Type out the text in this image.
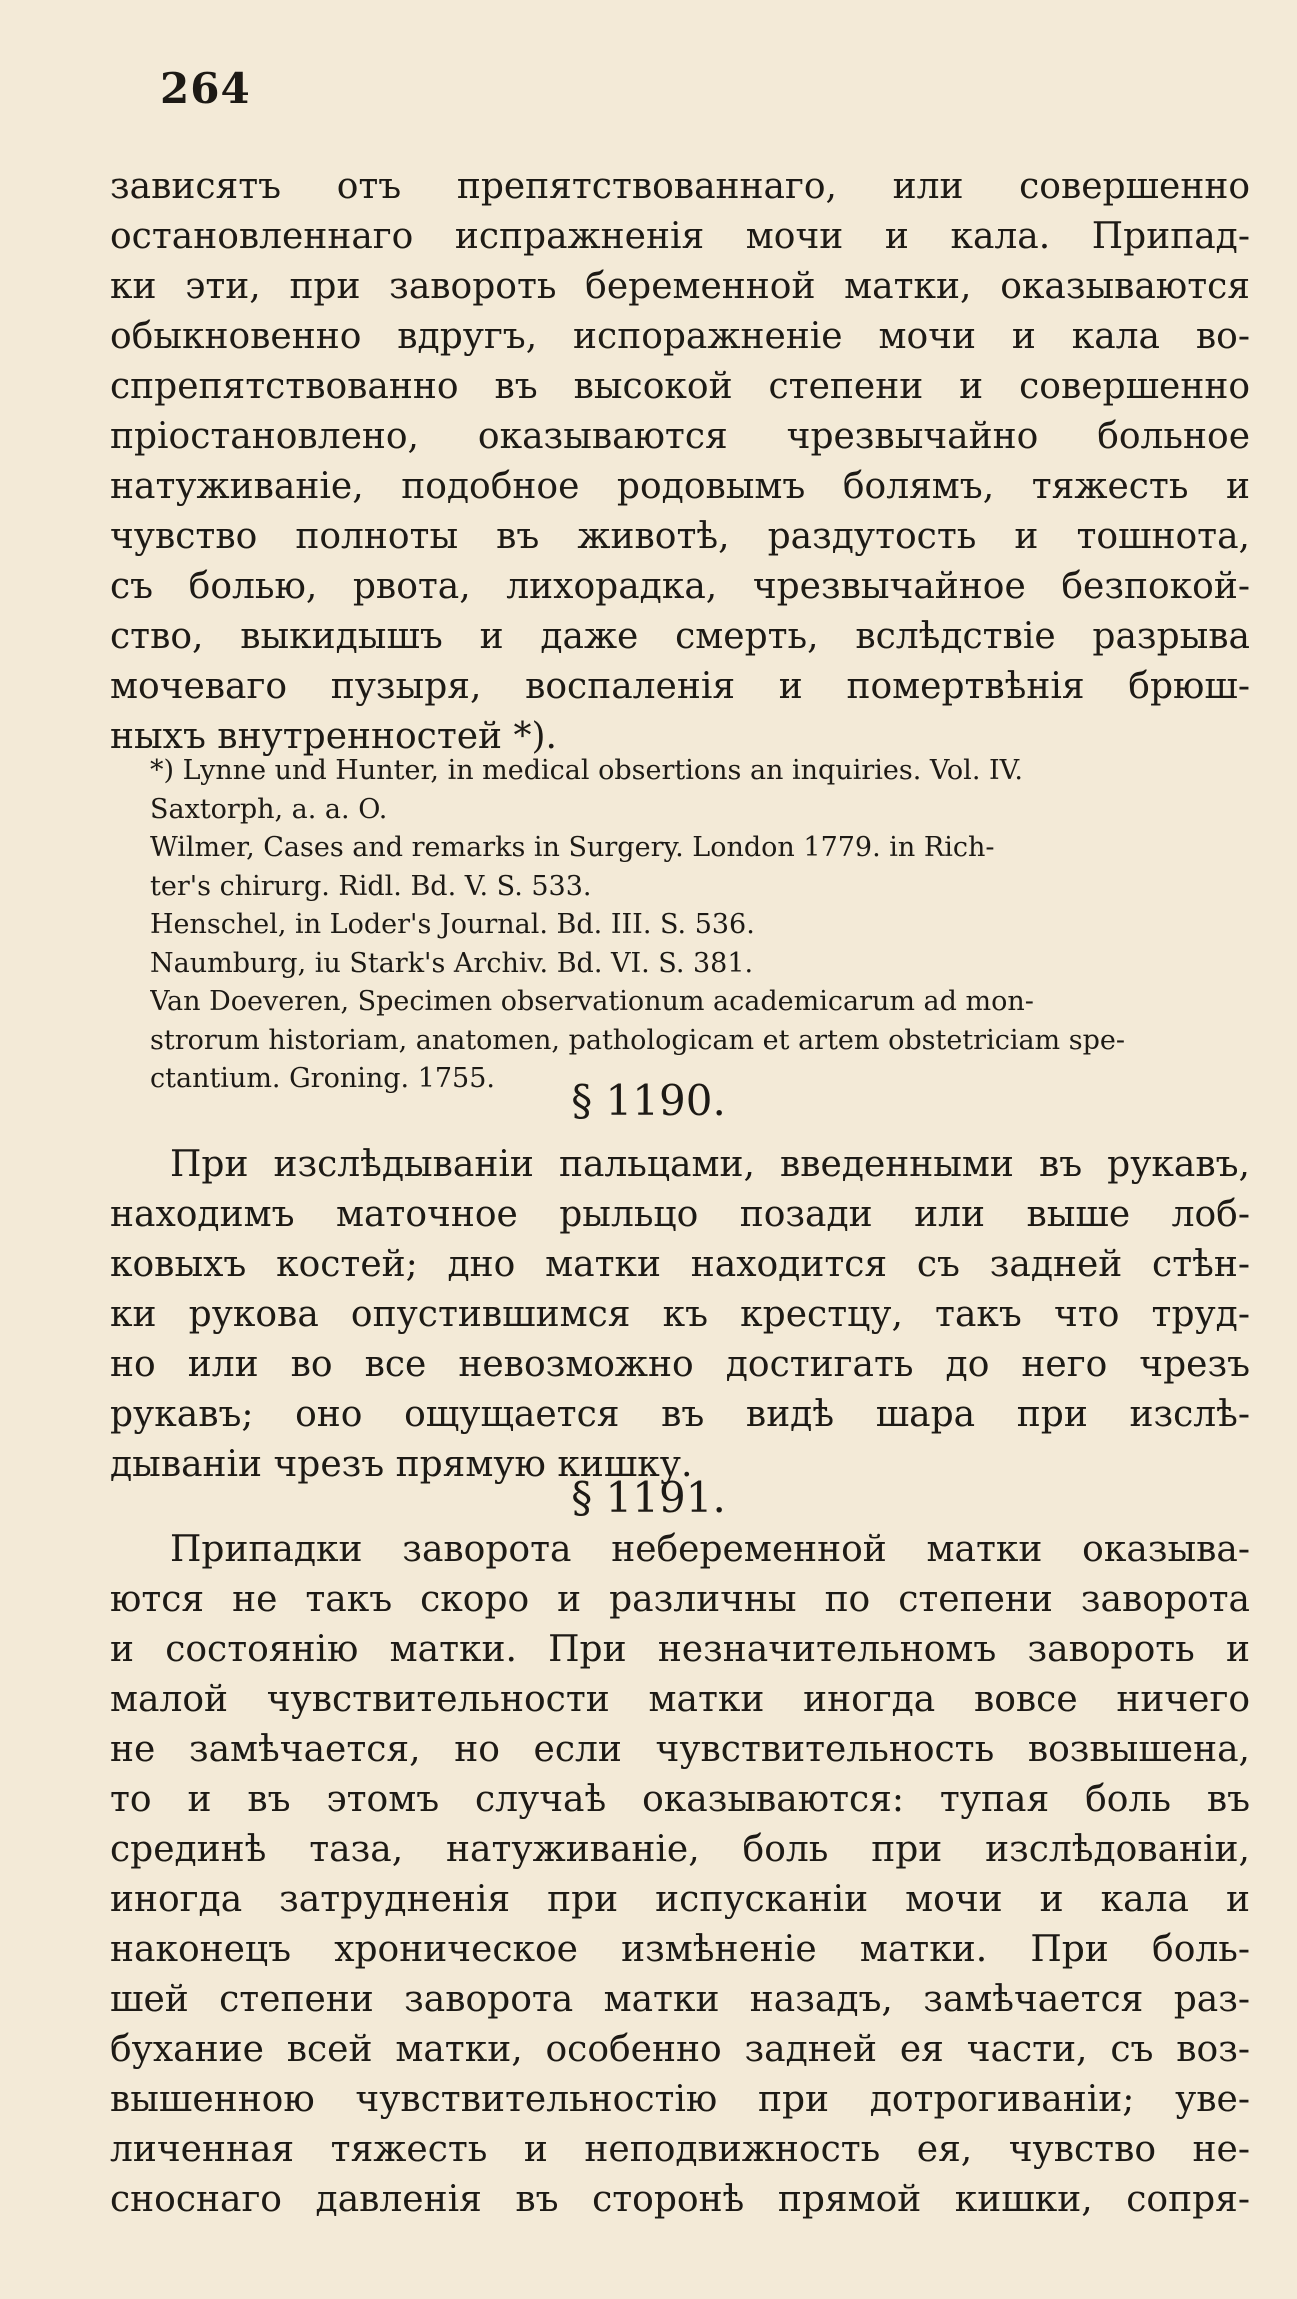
264
зависятъ отъ препятствованнаго, или совершенно
остановленнаго испражненія мочи и кала. Припад-
ки эти, при завороть беременной матки, оказываются
обыкновенно вдругъ, испоражненіе мочи и кала во-
спрепятствованно въ высокой степени и совершенно
пріостановлено, оказываются чрезвычайно больное
натуживаніе, подобное родовымъ болямъ, тяжесть и
чувство полноты въ животѣ, раздутость и тошнота,
съ болью, рвота, лихорадка, чрезвычайное безпокой-
ство, выкидышъ и даже смерть, вслѣдствіе разрыва
мочеваго пузыря, воспаленія и помертвѣнія брюш-
ныхъ внутренностей *).
*) Lynne und Hunter, in medical obsertions an inquiries. Vol. IV.
Saxtorph, a. a. O.
Wilmer, Cases and remarks in Surgery. London 1779. in Rich-
ter's chirurg. Ridl. Bd. V. S. 533.
Henschel, in Loder's Journal. Bd. III. S. 536.
Naumburg, iu Stark's Archiv. Bd. VI. S. 381.
Van Doeveren, Specimen observationum academicarum ad mon-
strorum historiam, anatomen, pathologicam et artem obstetriciam spe-
ctantium. Groning. 1755.	§ 1190.
При изслѣдываніи пальцами, введенными въ рукавъ,
находимъ маточное рыльцо позади или выше лоб-
ковыхъ костей; дно матки находится съ задней стѣн-
ки рукова опустившимся къ крестцу, такъ что труд-
но или во все невозможно достигать до него чрезъ
рукавъ; оно ощущается въ видѣ шара при изслѣ-
дываніи чрезъ прямую кишку.
§ 1191.
Припадки заворота небеременной матки оказыва-
ются не такъ скоро и различны по степени заворота
и состоянію матки. При незначительномъ завороть и
малой чувствительности матки иногда вовсе ничего
не замѣчается, но если чувствительность возвышена,
то и въ этомъ случаѣ оказываются: тупая боль въ
срединѣ таза, натуживаніе, боль при изслѣдованіи,
иногда затрудненія при испусканіи мочи и кала и
наконецъ хроническое измѣненіе матки. При боль-
шей степени заворота матки назадъ, замѣчается раз-
бухание всей матки, особенно задней ея части, съ воз-
вышенною чувствительностію при дотрогиваніи; уве-
личенная тяжесть и неподвижность ея, чувство не-
сноснаго давленія въ сторонѣ прямой кишки, сопря-
